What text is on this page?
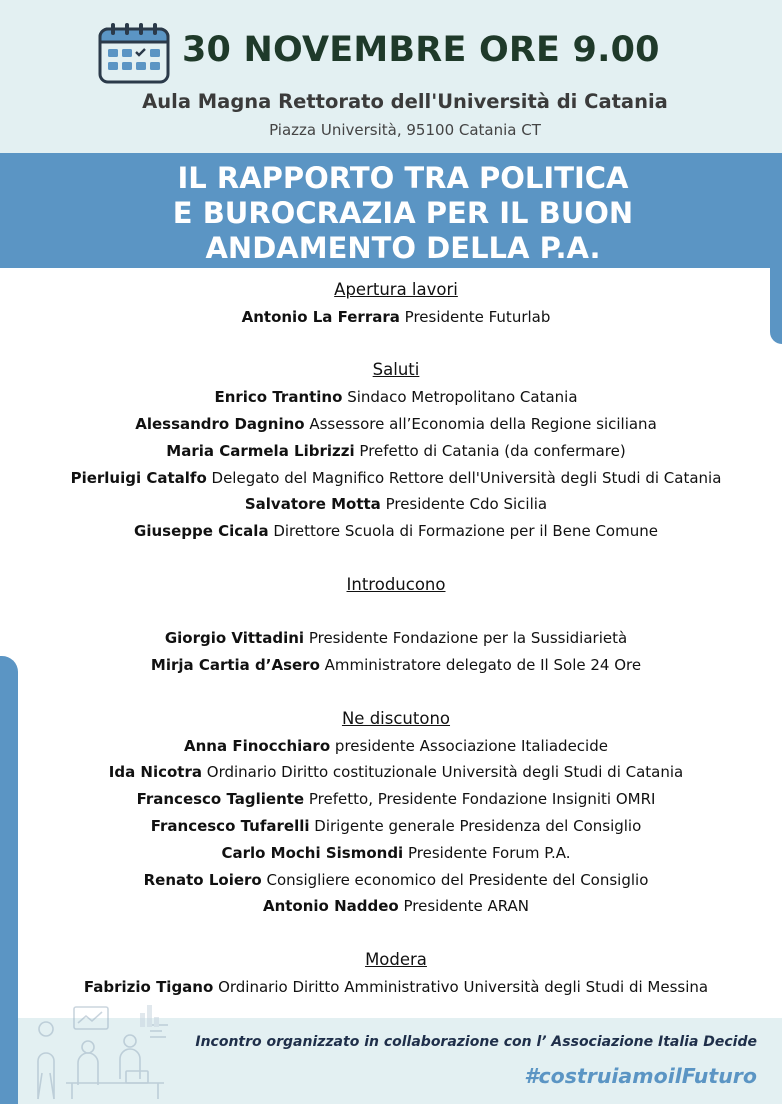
30 NOVEMBRE ORE 9.00
Aula Magna Rettorato dell'Università di Catania
Piazza Università, 95100 Catania CT
IL RAPPORTO TRA POLITICA
E BUROCRAZIA PER IL BUON
ANDAMENTO DELLA P.A.
Apertura lavori
Antonio La Ferrara Presidente Futurlab
Saluti
Enrico Trantino Sindaco Metropolitano Catania
Alessandro Dagnino Assessore all’Economia della Regione siciliana
Maria Carmela Librizzi Prefetto di Catania (da confermare)
Pierluigi Catalfo Delegato del Magnifico Rettore dell'Università degli Studi di Catania
Salvatore Motta Presidente Cdo Sicilia
Giuseppe Cicala Direttore Scuola di Formazione per il Bene Comune
Introducono
Giorgio Vittadini Presidente Fondazione per la Sussidiarietà
Mirja Cartia d’Asero Amministratore delegato de Il Sole 24 Ore
Ne discutono
Anna Finocchiaro presidente Associazione Italiadecide
Ida Nicotra Ordinario Diritto costituzionale Università degli Studi di Catania
Francesco Tagliente Prefetto, Presidente Fondazione Insigniti OMRI
Francesco Tufarelli Dirigente generale Presidenza del Consiglio
Carlo Mochi Sismondi Presidente Forum P.A.
Renato Loiero Consigliere economico del Presidente del Consiglio
Antonio Naddeo Presidente ARAN
Modera
Fabrizio Tigano Ordinario Diritto Amministrativo Università degli Studi di Messina
Incontro organizzato in collaborazione con l’ Associazione Italia Decide
#costruiamoilFuturo
